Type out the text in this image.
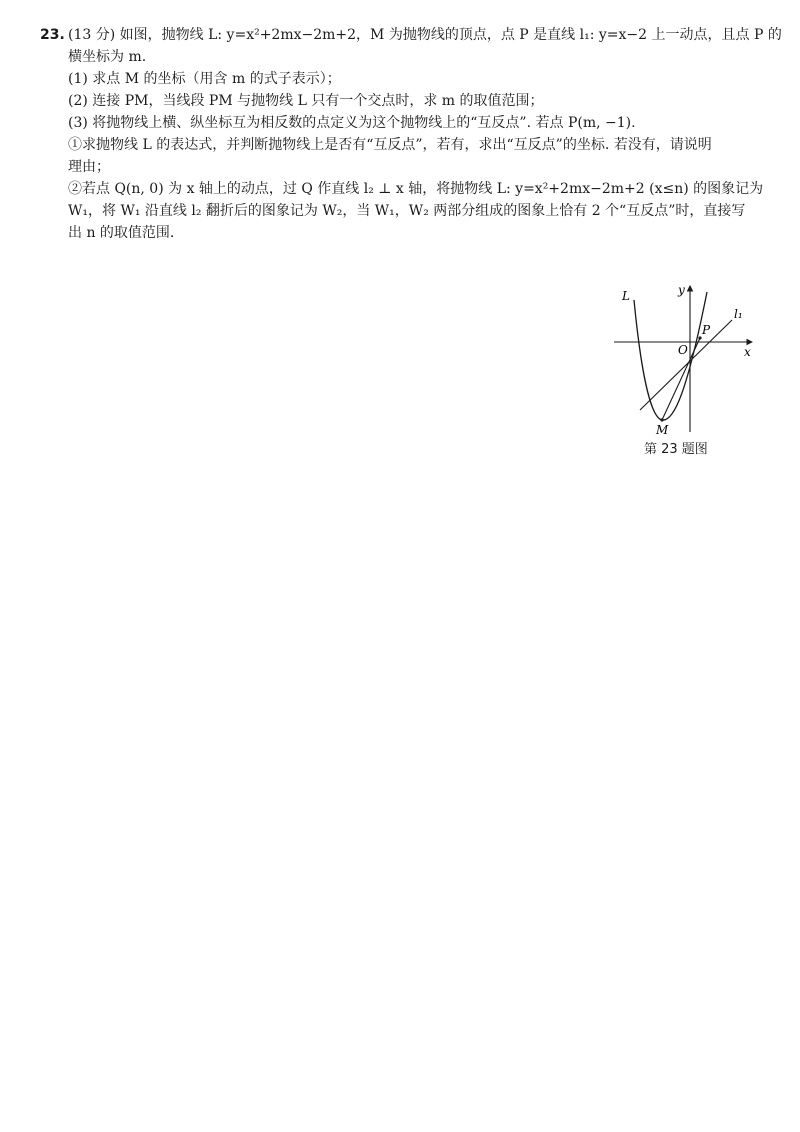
23. (13 分) 如图，抛物线 L: y=x²+2mx−2m+2，M 为抛物线的顶点，点 P 是直线 l₁: y=x−2 上一动点，且点 P 的
横坐标为 m.
(1) 求点 M 的坐标（用含 m 的式子表示）；
(2) 连接 PM，当线段 PM 与抛物线 L 只有一个交点时，求 m 的取值范围；
(3) 将抛物线上横、纵坐标互为相反数的点定义为这个抛物线上的“互反点”. 若点 P(m, −1).
①求抛物线 L 的表达式，并判断抛物线上是否有“互反点”，若有，求出“互反点”的坐标. 若没有，请说明
理由；
②若点 Q(n, 0) 为 x 轴上的动点，过 Q 作直线 l₂ ⊥ x 轴，将抛物线 L: y=x²+2mx−2m+2 (x≤n) 的图象记为
W₁，将 W₁ 沿直线 l₂ 翻折后的图象记为 W₂，当 W₁，W₂ 两部分组成的图象上恰有 2 个“互反点”时，直接写
出 n 的取值范围.
L	y
l₁
P
O	x
M
第 23 题图
